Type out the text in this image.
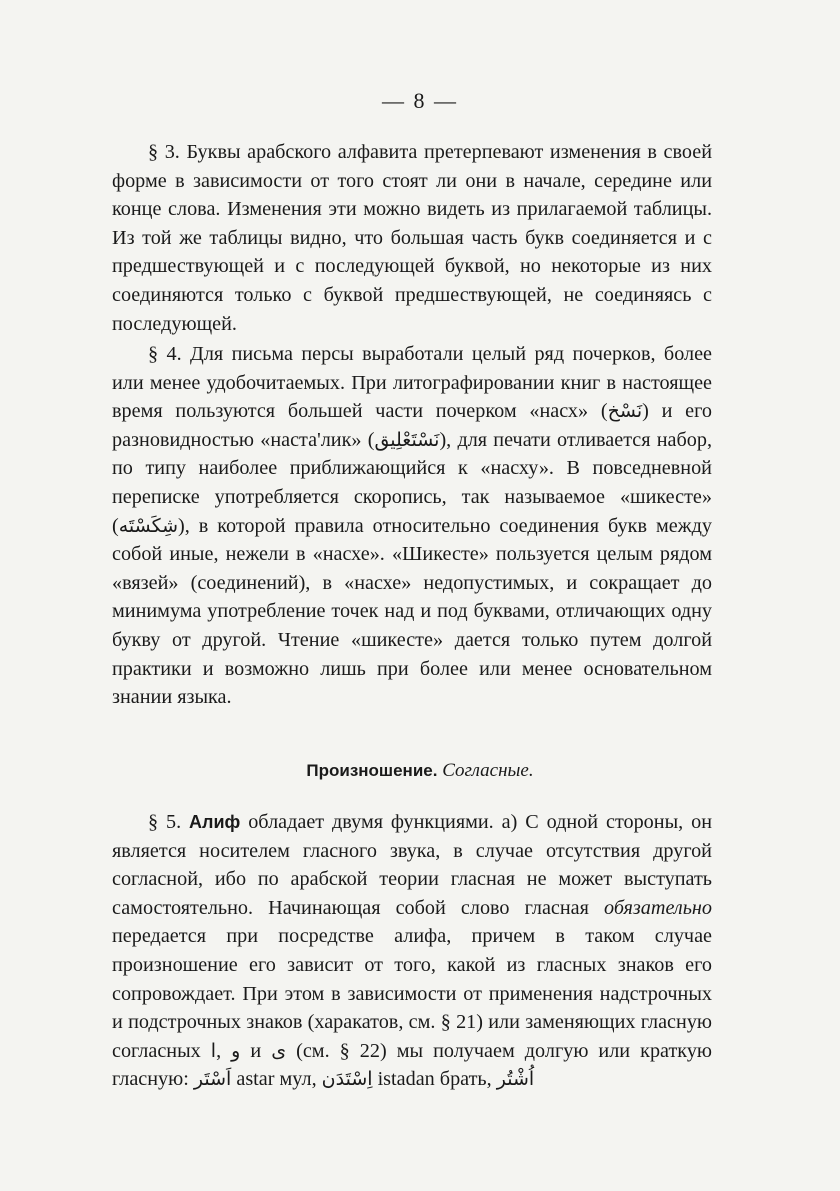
— 8 —

§ 3. Буквы арабского алфавита претерпевают изменения в своей форме в зависимости от того стоят ли они в начале, середине или конце слова. Изменения эти можно видеть из прилагаемой таблицы. Из той же таблицы видно, что большая часть букв соединяется и с предшествующей и с последующей буквой, но некоторые из них соединяются только с буквой предшествующей, не соединяясь с последующей.

§ 4. Для письма персы выработали целый ряд почерков, более или менее удобочитаемых. При литографировании книг в настоящее время пользуются большей части почерком «насх» (نَسْخ) и его разновидностью «наста'лик» (نَسْتَعْلِيق), для печати отливается набор, по типу наиболее приближающийся к «насху». В повседневной переписке употребляется скоропись, так называемое «шикесте» (شِكَسْتَه), в которой правила относительно соединения букв между собой иные, нежели в «насхе». «Шикесте» пользуется целым рядом «вязей» (соединений), в «насхе» недопустимых, и сокращает до минимума употребление точек над и под буквами, отличающих одну букву от другой. Чтение «шикесте» дается только путем долгой практики и возможно лишь при более или менее основательном знании языка.

Произношение. Согласные.

§ 5. Алиф обладает двумя функциями. а) С одной стороны, он является носителем гласного звука, в случае отсутствия другой согласной, ибо по арабской теории гласная не может выступать самостоятельно. Начинающая собой слово гласная обязательно передается при посредстве алифа, причем в таком случае произношение его зависит от того, какой из гласных знаков его сопровождает. При этом в зависимости от применения надстрочных и подстрочных знаков (харакатов, см. § 21) или заменяющих гласную согласных ا, و и ی (см. § 22) мы получаем долгую или краткую гласную: اَسْتَر astar мул, اِسْتَدَن istadan брать, اُشْتُر
